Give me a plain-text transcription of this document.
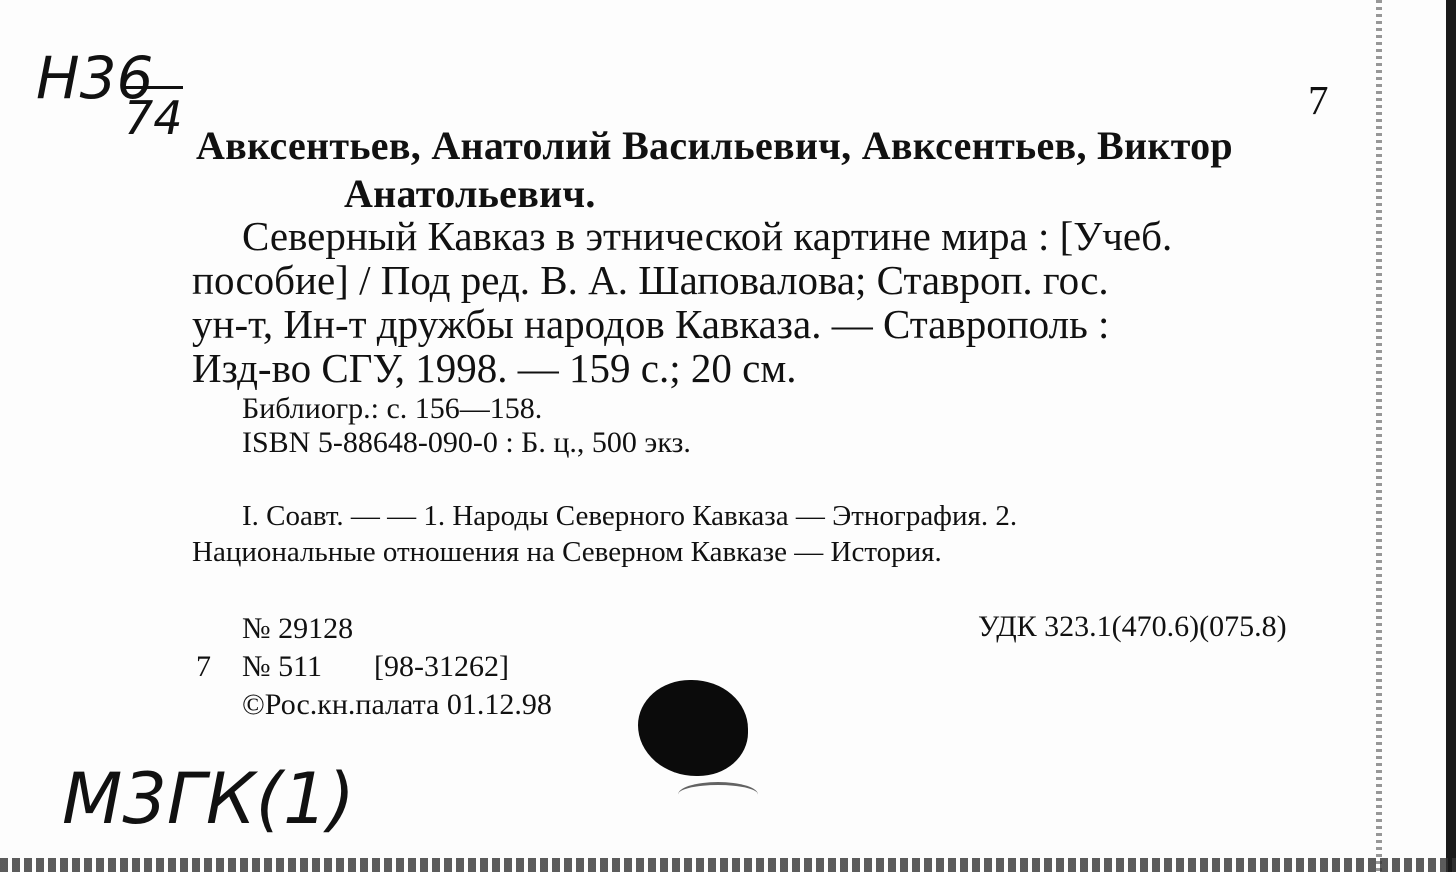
Н36
74	7
Авксентьев, Анатолий Васильевич, Авксентьев, Виктор
Анатольевич.
Северный Кавказ в этнической картине мира : [Учеб.
пособие] / Под ред. В. А. Шаповалова; Ставроп. гос.
ун-т, Ин-т дружбы народов Кавказа. — Ставрополь :
Изд-во СГУ, 1998. — 159 с.; 20 см.
Библиогр.: с. 156—158.
ISBN 5-88648-090-0 : Б. ц., 500 экз.
I. Соавт. — — 1. Народы Северного Кавказа — Этнография. 2.
Национальные отношения на Северном Кавказе — История.
№ 29128	УДК 323.1(470.6)(075.8)
7 № 511 [98-31262]
©Рос.кн.палата 01.12.98
М3ГК(1)
